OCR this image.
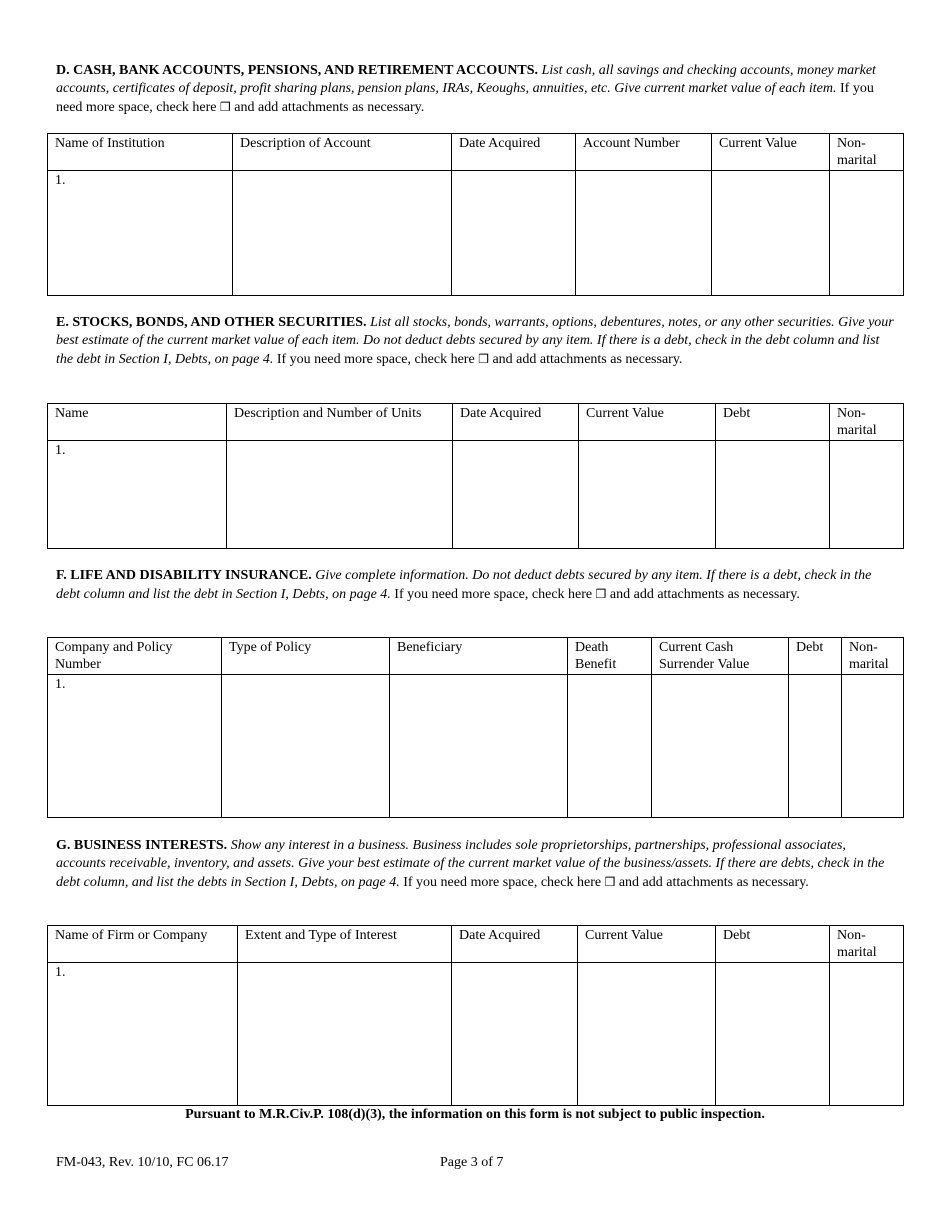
D. CASH, BANK ACCOUNTS, PENSIONS, AND RETIREMENT ACCOUNTS. List cash, all savings and checking accounts, money market accounts, certificates of deposit, profit sharing plans, pension plans, IRAs, Keoughs, annuities, etc. Give current market value of each item. If you need more space, check here ❒ and add attachments as necessary.
Name of Institution	Description of Account	Date Acquired	Account Number	Current Value	Non-marital
1.					
E. STOCKS, BONDS, AND OTHER SECURITIES. List all stocks, bonds, warrants, options, debentures, notes, or any other securities. Give your best estimate of the current market value of each item. Do not deduct debts secured by any item. If there is a debt, check in the debt column and list the debt in Section I, Debts, on page 4. If you need more space, check here ❒ and add attachments as necessary.
Name	Description and Number of Units	Date Acquired	Current Value	Debt	Non-marital
1.					
F. LIFE AND DISABILITY INSURANCE. Give complete information. Do not deduct debts secured by any item. If there is a debt, check in the debt column and list the debt in Section I, Debts, on page 4. If you need more space, check here ❒ and add attachments as necessary.
Company and Policy Number	Type of Policy	Beneficiary	Death Benefit	Current Cash Surrender Value	Debt	Non-marital
1.						
G. BUSINESS INTERESTS. Show any interest in a business. Business includes sole proprietorships, partnerships, professional associates, accounts receivable, inventory, and assets. Give your best estimate of the current market value of the business/assets. If there are debts, check in the debt column, and list the debts in Section I, Debts, on page 4. If you need more space, check here ❒ and add attachments as necessary.
Name of Firm or Company	Extent and Type of Interest	Date Acquired	Current Value	Debt	Non-marital
1.					
Pursuant to M.R.Civ.P. 108(d)(3), the information on this form is not subject to public inspection.
FM-043, Rev. 10/10, FC 06.17	Page 3 of 7
